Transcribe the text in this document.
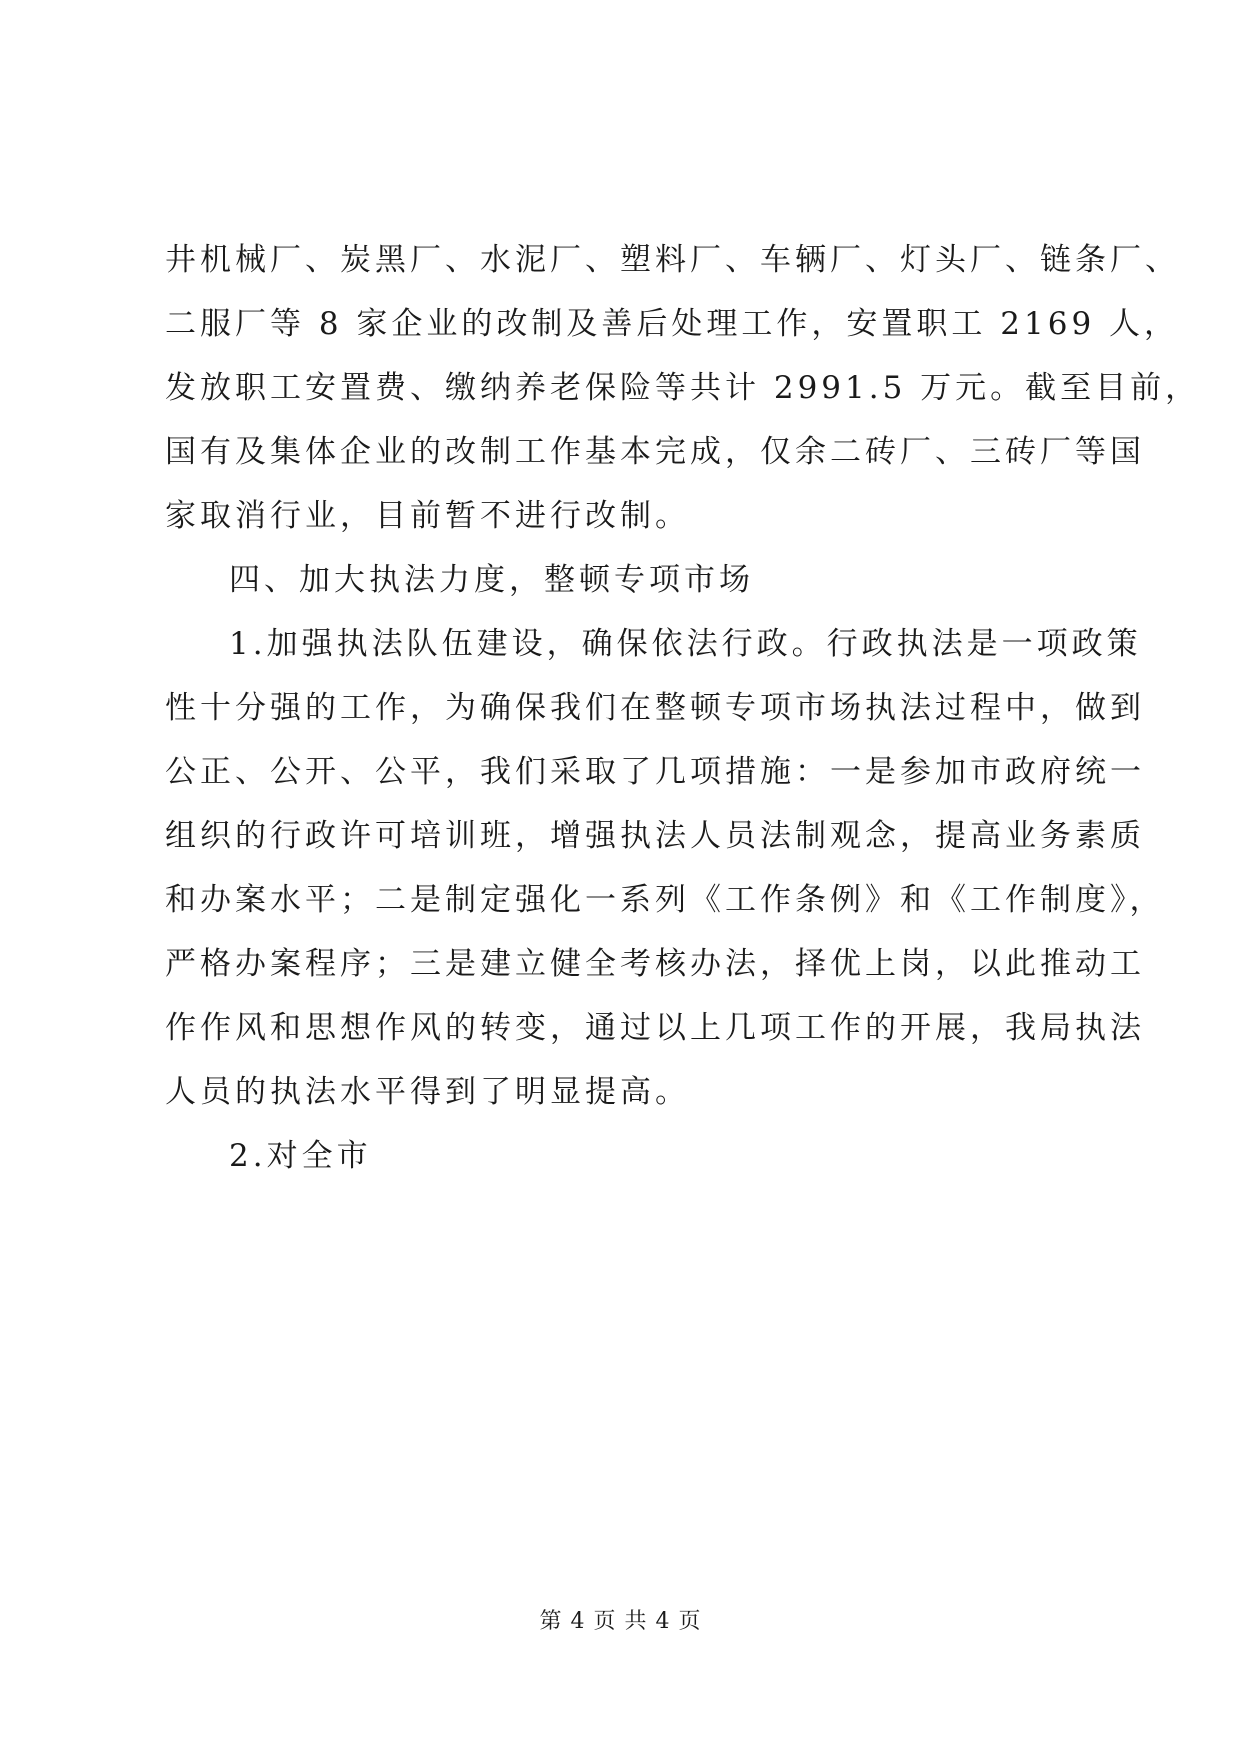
井机械厂、炭黑厂、水泥厂、塑料厂、车辆厂、灯头厂、链条厂、
二服厂等 8 家企业的改制及善后处理工作，安置职工 2169 人，
发放职工安置费、缴纳养老保险等共计 2991.5 万元。截至目前，
国有及集体企业的改制工作基本完成，仅余二砖厂、三砖厂等国
家取消行业，目前暂不进行改制。
四、加大执法力度，整顿专项市场
1.加强执法队伍建设，确保依法行政。行政执法是一项政策
性十分强的工作，为确保我们在整顿专项市场执法过程中，做到
公正、公开、公平，我们采取了几项措施：一是参加市政府统一
组织的行政许可培训班，增强执法人员法制观念，提高业务素质
和办案水平；二是制定强化一系列《工作条例》和《工作制度》，
严格办案程序；三是建立健全考核办法，择优上岗，以此推动工
作作风和思想作风的转变，通过以上几项工作的开展，我局执法
人员的执法水平得到了明显提高。
2.对全市
第 4 页 共 4 页
